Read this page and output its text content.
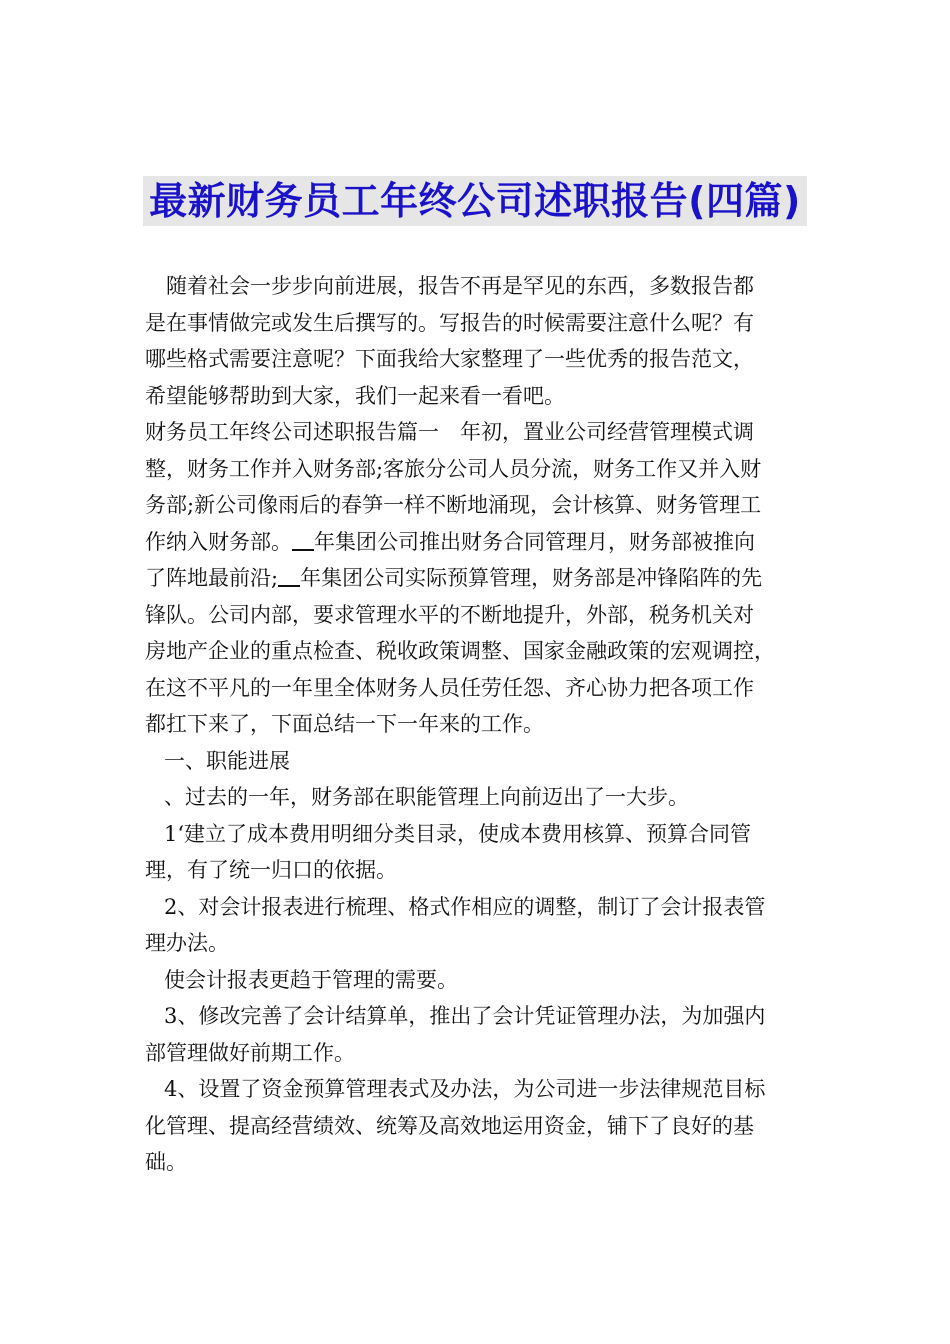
最新财务员工年终公司述职报告(四篇)
随着社会一步步向前进展，报告不再是罕见的东西，多数报告都
是在事情做完或发生后撰写的。写报告的时候需要注意什么呢？有
哪些格式需要注意呢？下面我给大家整理了一些优秀的报告范文，
希望能够帮助到大家，我们一起来看一看吧。
财务员工年终公司述职报告篇一　年初，置业公司经营管理模式调
整，财务工作并入财务部;客旅分公司人员分流，财务工作又并入财
务部;新公司像雨后的春笋一样不断地涌现，会计核算、财务管理工
作纳入财务部。 年集团公司推出财务合同管理月，财务部被推向
了阵地最前沿; 年集团公司实际预算管理，财务部是冲锋陷阵的先
锋队。公司内部，要求管理水平的不断地提升，外部，税务机关对
房地产企业的重点检查、税收政策调整、国家金融政策的宏观调控，
在这不平凡的一年里全体财务人员任劳任怨、齐心协力把各项工作
都扛下来了，下面总结一下一年来的工作。
一、职能进展
、过去的一年，财务部在职能管理上向前迈出了一大步。
1‘建立了成本费用明细分类目录，使成本费用核算、预算合同管
理，有了统一归口的依据。
2、对会计报表进行梳理、格式作相应的调整，制订了会计报表管
理办法。
使会计报表更趋于管理的需要。
3、修改完善了会计结算单，推出了会计凭证管理办法，为加强内
部管理做好前期工作。
4、设置了资金预算管理表式及办法，为公司进一步法律规范目标
化管理、提高经营绩效、统筹及高效地运用资金，铺下了良好的基
础。
